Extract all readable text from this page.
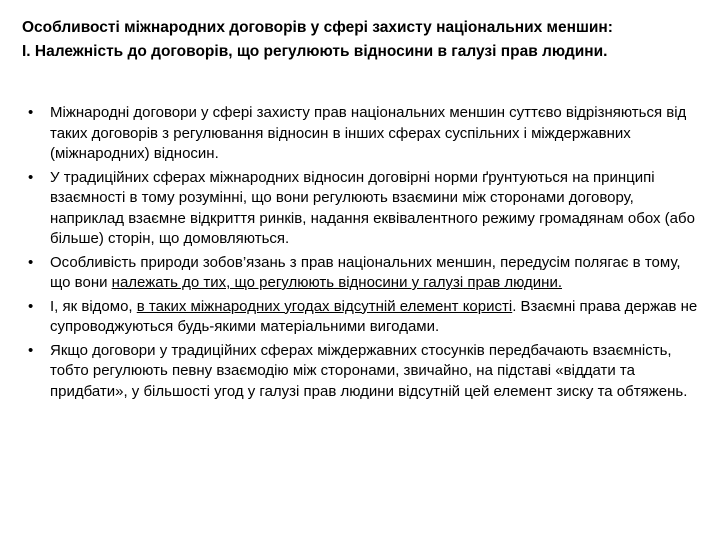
Особливості міжнародних договорів у сфері захисту національних меншин:
І. Належність до договорів, що регулюють відносини в галузі прав людини.
• Міжнародні договори у сфері захисту прав національних меншин суттєво відрізняються від таких договорів з регулювання відносин в інших сферах суспільних і міждержавних (міжнародних) відносин.
• У традиційних сферах міжнародних відносин договірні норми ґрунтуються на принципі взаємності в тому розумінні, що вони регулюють взаємини між сторонами договору, наприклад взаємне відкриття ринків, надання еквівалентного режиму громадянам обох (або більше) сторін, що домовляються.
• Особливість природи зобов’язань з прав національних меншин, передусім полягає в тому, що вони належать до тих, що регулюють відносини у галузі прав людини.
• І, як відомо, в таких міжнародних угодах відсутній елемент користі. Взаємні права держав не супроводжуються будь-якими матеріальними вигодами.
• Якщо договори у традиційних сферах міждержавних стосунків передбачають взаємність, тобто регулюють певну взаємодію між сторонами, звичайно, на підставі «віддати та придбати», у більшості угод у галузі прав людини відсутній цей елемент зиску та обтяжень.
